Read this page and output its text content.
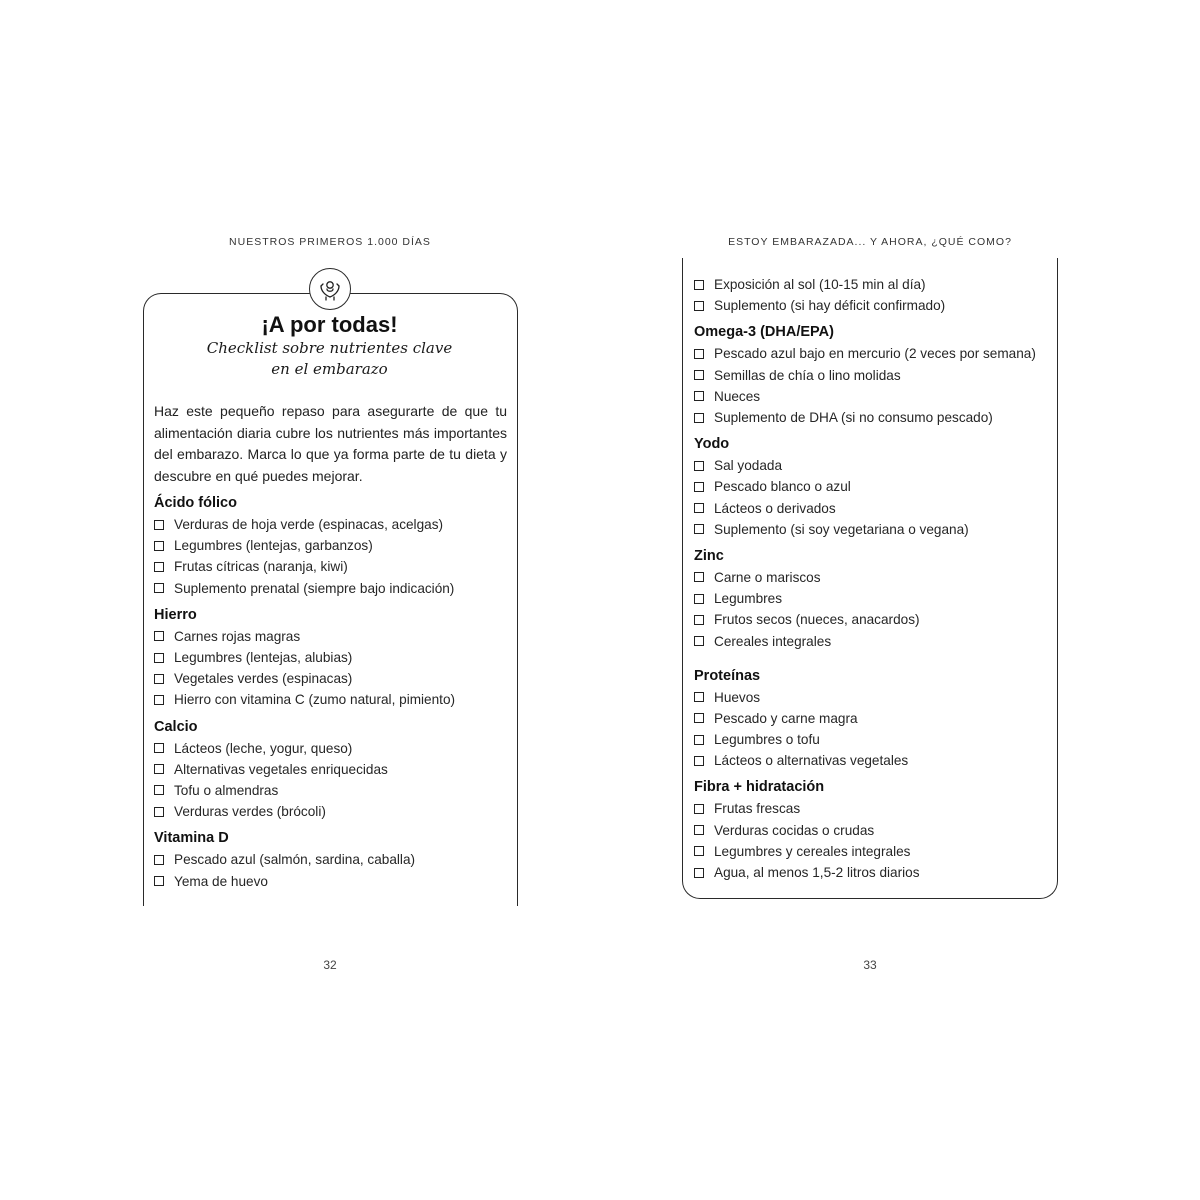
NUESTROS PRIMEROS 1.000 DÍAS
¡A por todas!
Checklist sobre nutrientes clave
en el embarazo
Haz este pequeño repaso para asegurarte de que tu alimentación diaria cubre los nutrientes más importantes del embarazo. Marca lo que ya forma parte de tu dieta y descubre en qué puedes mejorar.
Ácido fólico
Verduras de hoja verde (espinacas, acelgas)
Legumbres (lentejas, garbanzos)
Frutas cítricas (naranja, kiwi)
Suplemento prenatal (siempre bajo indicación)
Hierro
Carnes rojas magras
Legumbres (lentejas, alubias)
Vegetales verdes (espinacas)
Hierro con vitamina C (zumo natural, pimiento)
Calcio
Lácteos (leche, yogur, queso)
Alternativas vegetales enriquecidas
Tofu o almendras
Verduras verdes (brócoli)
Vitamina D
Pescado azul (salmón, sardina, caballa)
Yema de huevo
32
ESTOY EMBARAZADA... Y AHORA, ¿QUÉ COMO?
Exposición al sol (10-15 min al día)
Suplemento (si hay déficit confirmado)
Omega-3 (DHA/EPA)
Pescado azul bajo en mercurio (2 veces por semana)
Semillas de chía o lino molidas
Nueces
Suplemento de DHA (si no consumo pescado)
Yodo
Sal yodada
Pescado blanco o azul
Lácteos o derivados
Suplemento (si soy vegetariana o vegana)
Zinc
Carne o mariscos
Legumbres
Frutos secos (nueces, anacardos)
Cereales integrales
Proteínas
Huevos
Pescado y carne magra
Legumbres o tofu
Lácteos o alternativas vegetales
Fibra + hidratación
Frutas frescas
Verduras cocidas o crudas
Legumbres y cereales integrales
Agua, al menos 1,5-2 litros diarios
33
